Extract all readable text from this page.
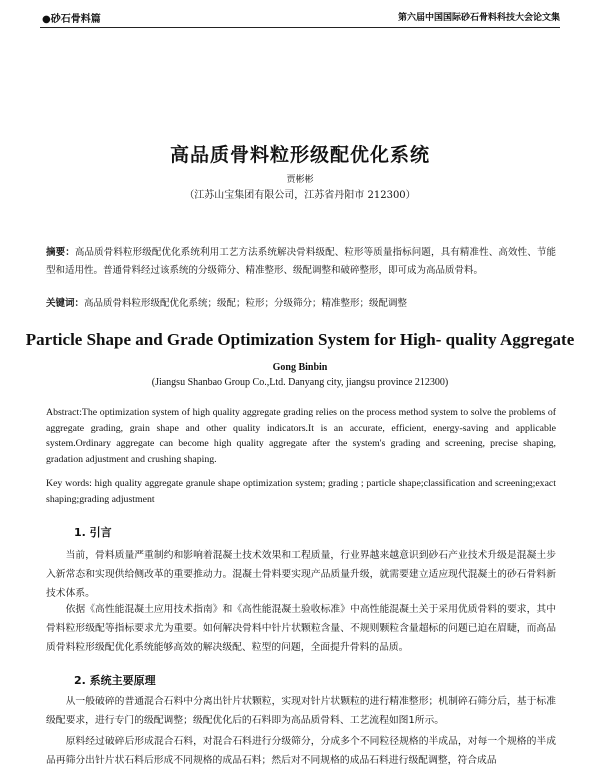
●砂石骨料篇	第六届中国国际砂石骨料科技大会论文集
高品质骨料粒形级配优化系统
贾彬彬
（江苏山宝集团有限公司，江苏省丹阳市 212300）
摘要：高品质骨料粒形级配优化系统利用工艺方法系统解决骨料级配、粒形等质量指标问题，具有精准性、高效性、节能型和适用性。普通骨料经过该系统的分级筛分、精准整形、级配调整和破碎整形，即可成为高品质骨料。
关键词：高品质骨料粒形级配优化系统；级配；粒形；分级筛分；精准整形；级配调整
Particle Shape and Grade Optimization System for High- quality Aggregate
Gong Binbin
(Jiangsu Shanbao Group Co.,Ltd. Danyang city, jiangsu province 212300)
Abstract:The optimization system of high quality aggregate grading relies on the process method system to solve the problems of aggregate grading, grain shape and other quality indicators.It is an accurate, efficient, energy-saving and applicable system.Ordinary aggregate can become high quality aggregate after the system's grading and screening, precise shaping, gradation adjustment and crushing shaping.
Key words: high quality aggregate granule shape optimization system; grading ; particle shape;classification and screening;exact shaping;grading adjustment
1. 引言
当前，骨料质量严重制约和影响着混凝土技术效果和工程质量，行业界越来越意识到砂石产业技术升级是混凝土步入新常态和实现供给侧改革的重要推动力。混凝土骨料要实现产品质量升级，就需要建立适应现代混凝土的砂石骨料新技术体系。
依据《高性能混凝土应用技术指南》和《高性能混凝土验收标准》中高性能混凝土关于采用优质骨料的要求，其中骨料粒形级配等指标要求尤为重要。如何解决骨料中针片状颗粒含量、不规则颗粒含量超标的问题已迫在眉睫，而高品质骨料粒形级配优化系统能够高效的解决级配、粒型的问题，全面提升骨料的品质。
2. 系统主要原理
从一般破碎的普通混合石料中分离出针片状颗粒，实现对针片状颗粒的进行精准整形；机制碎石筛分后，基于标准级配要求，进行专门的级配调整；级配优化后的石料即为高品质骨料、工艺流程如图1所示。
原料经过破碎后形成混合石料，对混合石料进行分级筛分，分成多个不同粒径规格的半成品，对每一个规格的半成品再筛分出针片状石料后形成不同规格的成品石料；然后对不同规格的成品石料进行级配调整，符合成品
